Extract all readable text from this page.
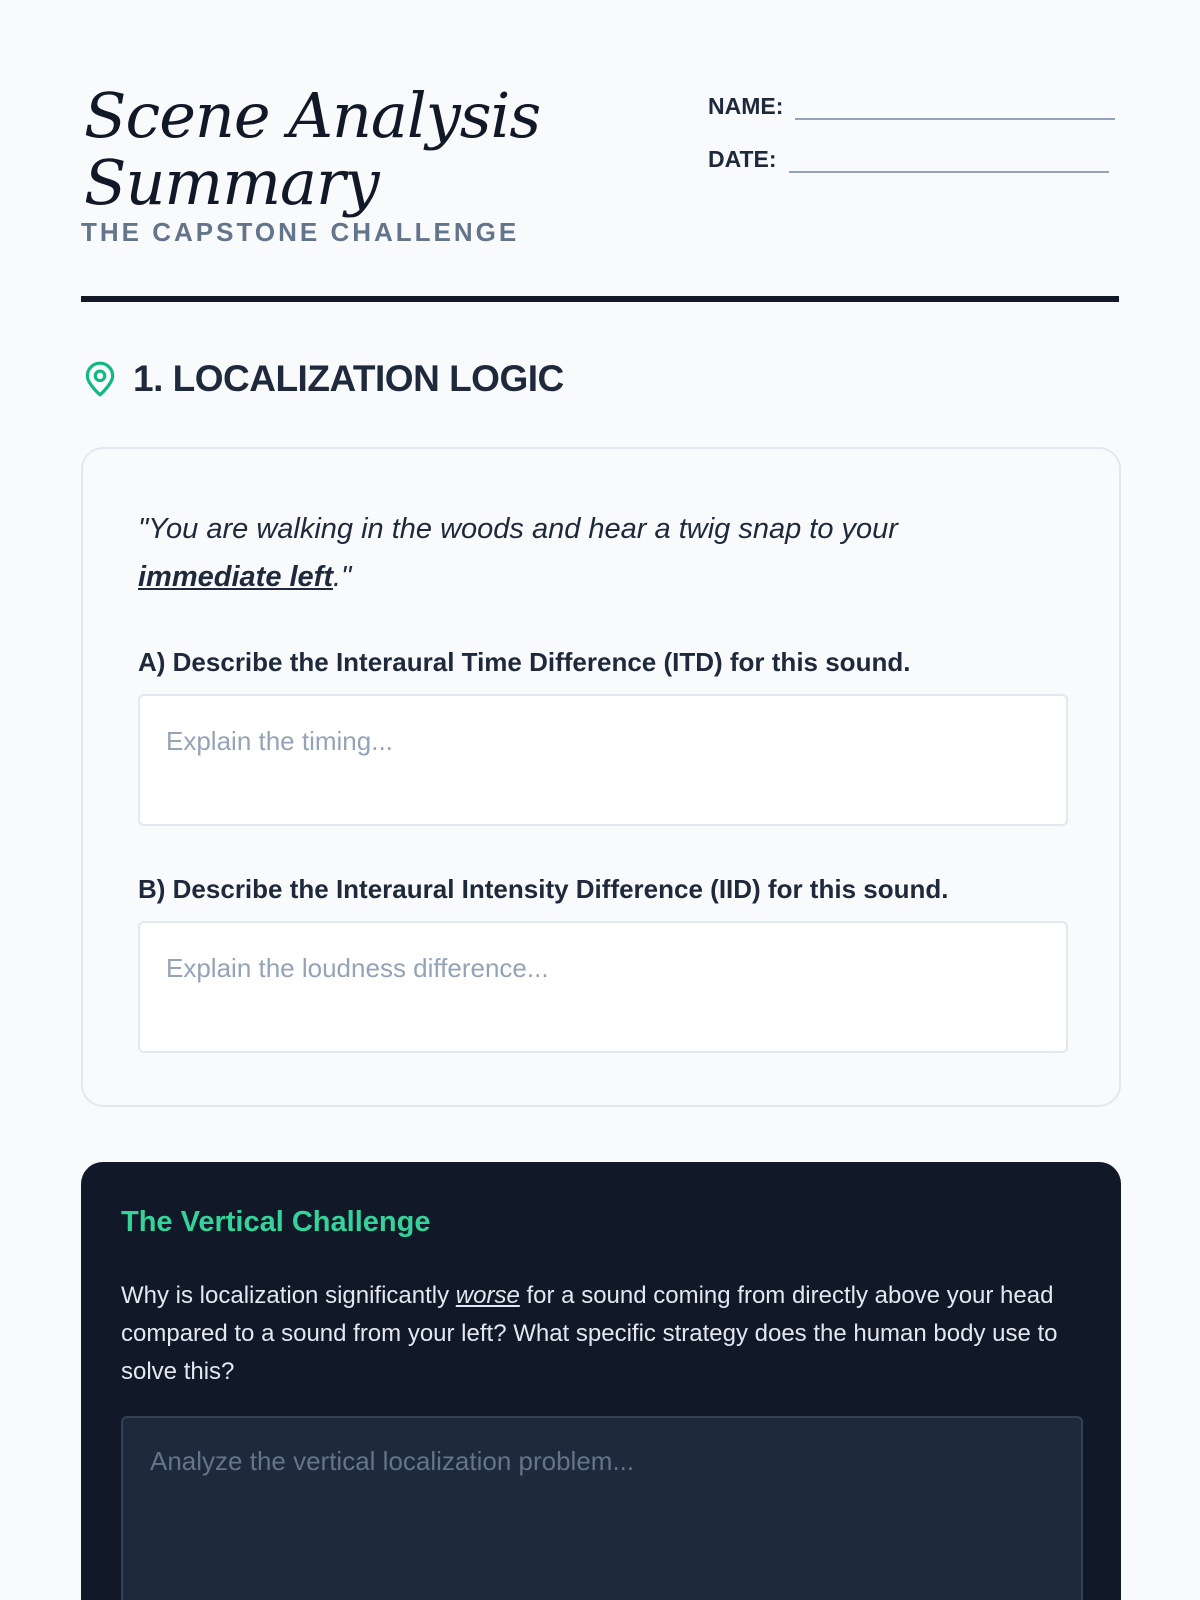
Scene Analysis Summary
THE CAPSTONE CHALLENGE
NAME:
DATE:
1. LOCALIZATION LOGIC

"You are walking in the woods and hear a twig snap to your immediate left."

A) Describe the Interaural Time Difference (ITD) for this sound.
Explain the timing...
B) Describe the Interaural Intensity Difference (IID) for this sound.
Explain the loudness difference...
The Vertical Challenge

Why is localization significantly worse for a sound coming from directly above your head compared to a sound from your left? What specific strategy does the human body use to solve this?

Analyze the vertical localization problem...
